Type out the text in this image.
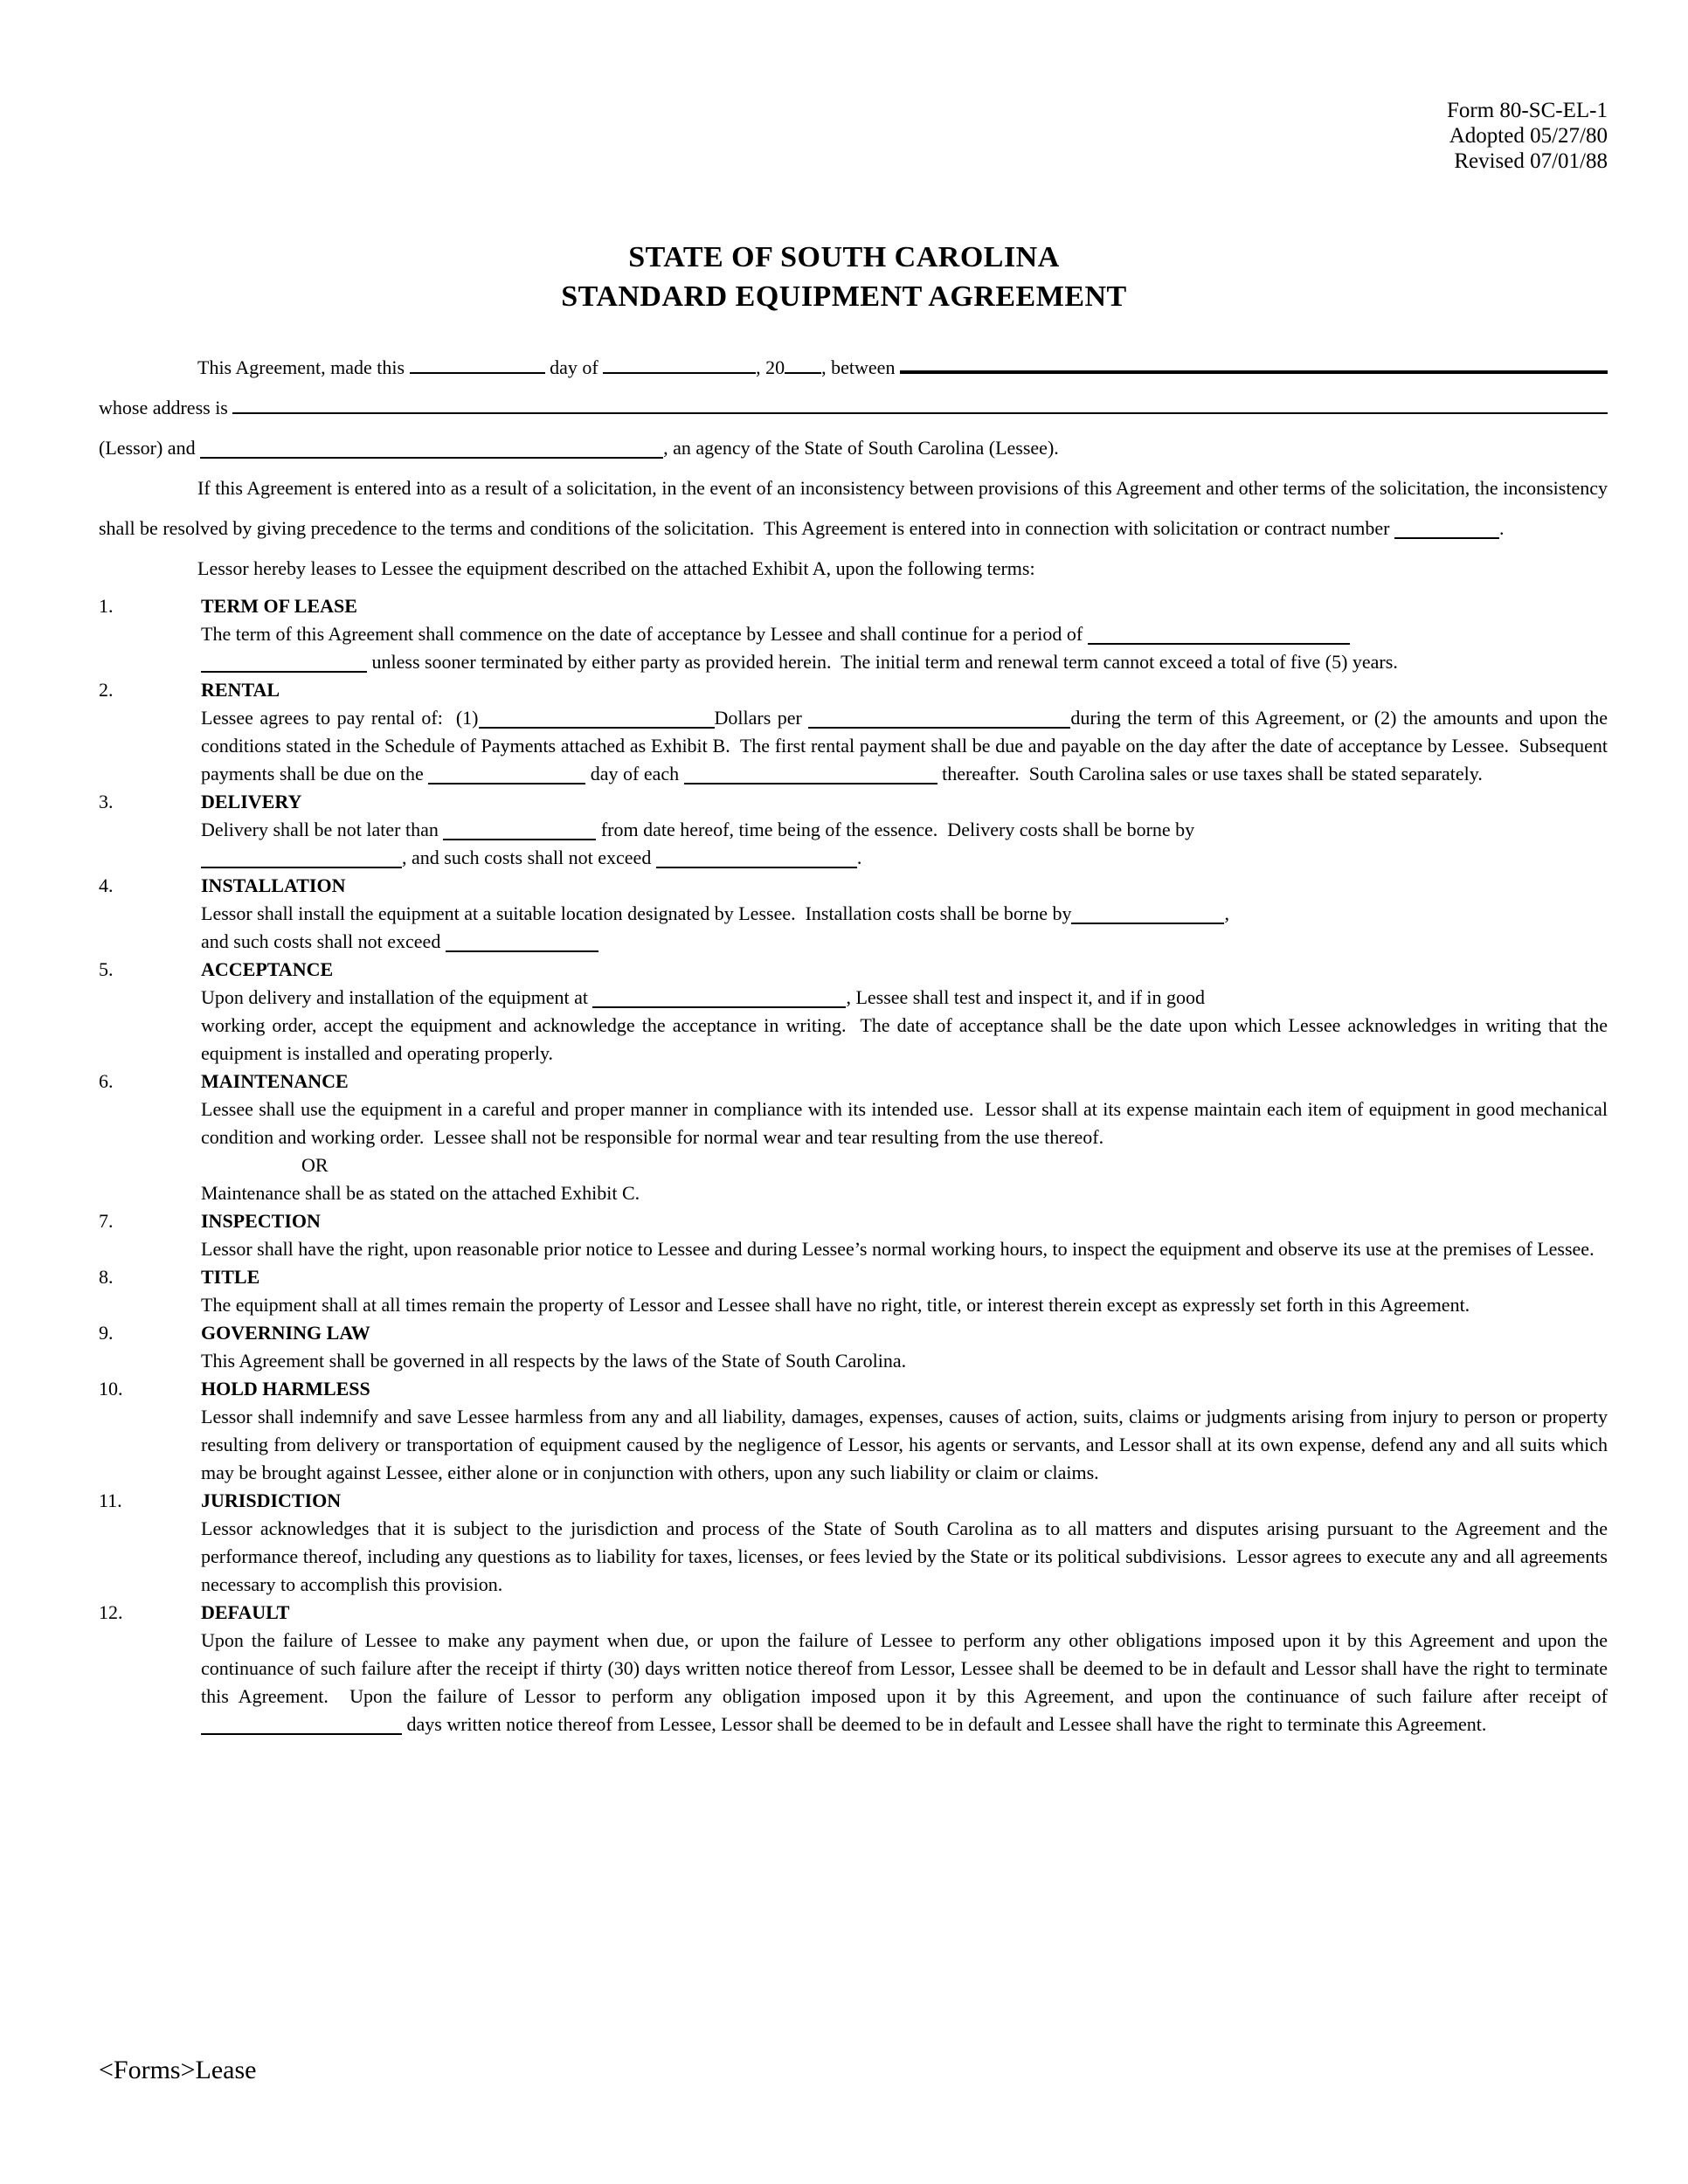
Form 80-SC-EL-1
Adopted 05/27/80
Revised 07/01/88
STATE OF SOUTH CAROLINA
STANDARD EQUIPMENT AGREEMENT
This Agreement, made this	day of	, 20 , between
whose address is
(Lessor) and	, an agency of the State of South Carolina (Lessee).
If this Agreement is entered into as a result of a solicitation, in the event of an inconsistency between provisions of this Agreement and other terms of the solicitation, the inconsistency shall be resolved by giving precedence to the terms and conditions of the solicitation.  This Agreement is entered into in connection with solicitation or contract number	.
Lessor hereby leases to Lessee the equipment described on the attached Exhibit A, upon the following terms:
1.	TERM OF LEASE
The term of this Agreement shall commence on the date of acceptance by Lessee and shall continue for a period of
unless sooner terminated by either party as provided herein.  The initial term and renewal term cannot exceed a total of five (5) years.
2.	RENTAL
Lessee agrees to pay rental of:  (1)	Dollars per	during the term of this Agreement, or (2) the amounts and upon the conditions stated in the Schedule of Payments attached as Exhibit B.  The first rental payment shall be due and payable on the day after the date of acceptance by Lessee.  Subsequent payments shall be due on the	day of each	thereafter.  South Carolina sales or use taxes shall be stated separately.
3.	DELIVERY
Delivery shall be not later than	from date hereof, time being of the essence.  Delivery costs shall be borne by
, and such costs shall not exceed	.
4.	INSTALLATION
Lessor shall install the equipment at a suitable location designated by Lessee.  Installation costs shall be borne by	,
and such costs shall not exceed
5.	ACCEPTANCE
Upon delivery and installation of the equipment at	, Lessee shall test and inspect it, and if in good
working order, accept the equipment and acknowledge the acceptance in writing.  The date of acceptance shall be the date upon which Lessee acknowledges in writing that the equipment is installed and operating properly.
6.	MAINTENANCE
Lessee shall use the equipment in a careful and proper manner in compliance with its intended use.  Lessor shall at its expense maintain each item of equipment in good mechanical condition and working order.  Lessee shall not be responsible for normal wear and tear resulting from the use thereof.
OR
Maintenance shall be as stated on the attached Exhibit C.
7.	INSPECTION
Lessor shall have the right, upon reasonable prior notice to Lessee and during Lessee’s normal working hours, to inspect the equipment and observe its use at the premises of Lessee.
8.	TITLE
The equipment shall at all times remain the property of Lessor and Lessee shall have no right, title, or interest therein except as expressly set forth in this Agreement.
9.	GOVERNING LAW
This Agreement shall be governed in all respects by the laws of the State of South Carolina.
10.	HOLD HARMLESS
Lessor shall indemnify and save Lessee harmless from any and all liability, damages, expenses, causes of action, suits, claims or judgments arising from injury to person or property resulting from delivery or transportation of equipment caused by the negligence of Lessor, his agents or servants, and Lessor shall at its own expense, defend any and all suits which may be brought against Lessee, either alone or in conjunction with others, upon any such liability or claim or claims.
11.	JURISDICTION
Lessor acknowledges that it is subject to the jurisdiction and process of the State of South Carolina as to all matters and disputes arising pursuant to the Agreement and the performance thereof, including any questions as to liability for taxes, licenses, or fees levied by the State or its political subdivisions.  Lessor agrees to execute any and all agreements necessary to accomplish this provision.
12.	DEFAULT
Upon the failure of Lessee to make any payment when due, or upon the failure of Lessee to perform any other obligations imposed upon it by this Agreement and upon the continuance of such failure after the receipt if thirty (30) days written notice thereof from Lessor, Lessee shall be deemed to be in default and Lessor shall have the right to terminate this Agreement.  Upon the failure of Lessor to perform any obligation imposed upon it by this Agreement, and upon the continuance of such failure after receipt of  days written notice thereof from Lessee, Lessor shall be deemed to be in default and Lessee shall have the right to terminate this Agreement.
<Forms>Lease
